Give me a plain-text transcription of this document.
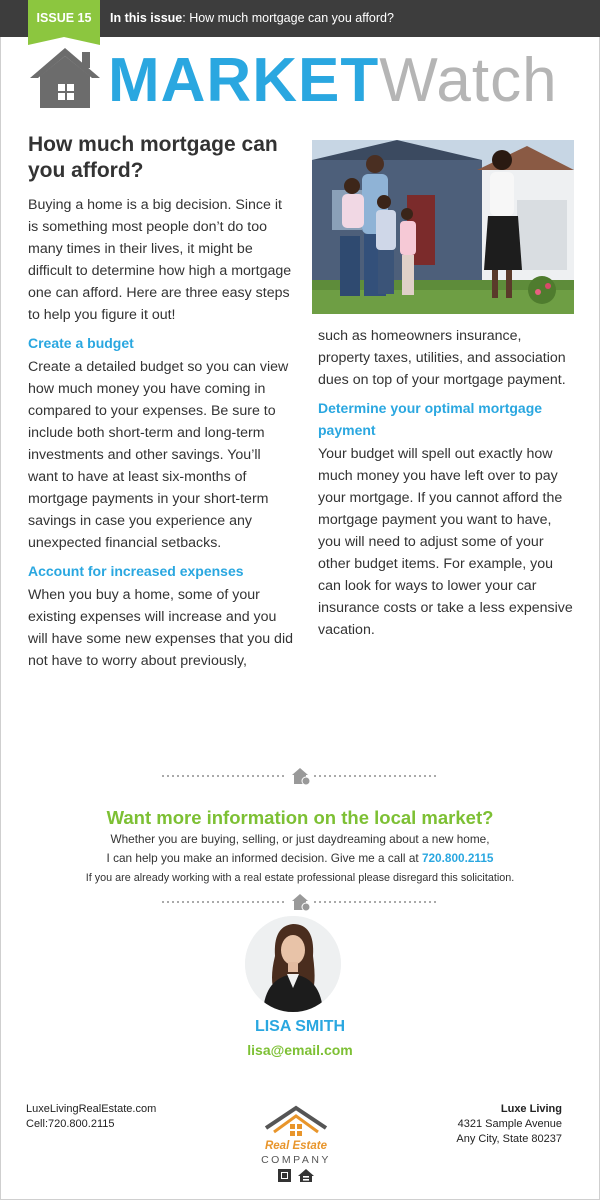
ISSUE 15	In this issue: How much mortgage can you afford?
MARKETWatch
How much mortgage can you afford?
Buying a home is a big decision. Since it is something most people don’t do too many times in their lives, it might be difficult to determine how high a mortgage one can afford. Here are three easy steps to help you figure it out!
Create a budget
Create a detailed budget so you can view how much money you have coming in compared to your expenses. Be sure to include both short-term and long-term investments and other savings. You’ll want to have at least six-months of mortgage payments in your short-term savings in case you experience any unexpected financial setbacks.
Account for increased expenses
When you buy a home, some of your existing expenses will increase and you will have some new expenses that you did not have to worry about previously,
such as homeowners insurance, property taxes, utilities, and association dues on top of your mortgage payment.
Determine your optimal mortgage payment
Your budget will spell out exactly how much money you have left over to pay your mortgage. If you cannot afford the mortgage payment you want to have, you will need to adjust some of your other budget items. For example, you can look for ways to lower your car insurance costs or take a less expensive vacation.
Want more information on the local market?
Whether you are buying, selling, or just daydreaming about a new home,
I can help you make an informed decision. Give me a call at 720.800.2115
If you are already working with a real estate professional please disregard this solicitation.
LISA SMITH
lisa@email.com
LuxeLivingRealEstate.com
Cell:720.800.2115
Real Estate
COMPANY
Luxe Living
4321 Sample Avenue
Any City, State 80237
